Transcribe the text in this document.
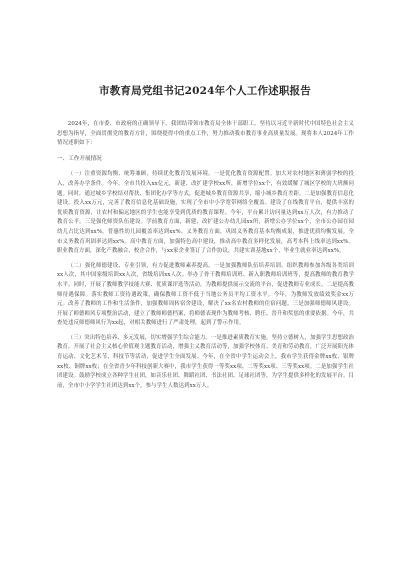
市教育局党组书记2024年个人工作述职报告

2024年，在市委、市政府的正确领导下，我团结带领市教育局全体干部职工，坚持以习近平新时代中国特色社会主义思想为指导，全面贯彻党的教育方针，围绕提得中的重点工作，努力推动我市教育事业高质量发展。现将本人2024年工作情况述职如下：

一、工作开展情况

（一）注重资源均衡、统筹兼顾，持续优化教育发展环境。一是优化教育资源配置。加大对农村地区和薄弱学校的投入，改善办学条件。今年，全市共投入xx亿元，新建、改扩建学校xx所，新增学位xx个，有效缓解了城区学校的大班额问题。同时，通过城乡学校结对帮扶、集团化办学等方式，促进城乡教育资源共享，缩小城乡教育差距。二是加强教育信息化建设。投入xx万元，完善了教育信息化基础设施，实现了全市中小学宽带网络全覆盖。建设了在线教育平台，提供丰富的优质教育资源，让农村和偏远地区的学生也能享受到优质的教育课程。今年，平台累计访问量达到xx万人次，有力推动了教育公平。三是强化师资队伍建设。学前教育方面，新建、改扩建公办幼儿园xx所，新增公办学位xx个，全市公办园在园幼儿占比达到xx%，普惠性幼儿园覆盖率达到xx%。义务教育方面，巩固义务教育基本均衡成果，推进优质均衡发展。全市义务教育巩固率达到xx%。高中教育方面，加强特色高中建设，推动高中教育多样化发展，高考本科上线率达到xx%。职业教育方面，深化产教融合、校企合作，与xx家企业签订了合作协议，共建实训基地xx个，毕业生就业率达到xx%。

（二）强化师德建设、专业引领，有力促进教师素养提高。一是加强教师队伍培养培训。组织教师参加各级各类培训xx人次，其中国家级培训xx人次，省级培训xx人次。举办了骨干教师培训班、新入职教师培训班等，提高教师的教育教学水平。同时，开展了教师教学技能大赛、优质课评选等活动，为教师提供展示交流的平台，促进教师专业成长。二是提高教师待遇保障。落实教师工资待遇政策，确保教师工资不低于当地公务员平均工资水平。今年，为教师发放绩效奖金xx万元。改善了教师的工作和生活条件，加强教师周转宿舍建设，解决了xx名农村教师的住宿问题。三是加强师德师风建设。开展了师德师风专项整治活动，建立了教师师德档案，将师德表现作为教师考核、聘任、晋升和奖惩的重要依据。今年，共查处违反师德师风行为xx起，对相关教师进行了严肃处理，起到了警示作用。

（三）突出特色培养、多元发展，切实增强学生综合能力。一是推进素质教育实施。坚持立德树人，加强学生思想政治教育，开展了社会主义核心价值观主题教育活动，增强主义教育活动等，加强学校体育、美育和劳动教育，广泛开展阳光体育运动、文化艺术节、科技节等活动，促进学生全面发展。今年，在全省中学生运动会上，我市学生获得金牌xx枚、银牌xx枚、铜牌xx枚；在全省青少年科技创新大赛中，我市学生获得一等奖xx项、二等奖xx项、三等奖xx项。二是加强学生社团建设。鼓励学校成立各种学生社团，如音乐社团、舞蹈社团、书法社团、足球社团等，为学生提供多样化的发展平台。目前，全市中小学学生社团达到xx个，参与学生人数达到xx万人。
